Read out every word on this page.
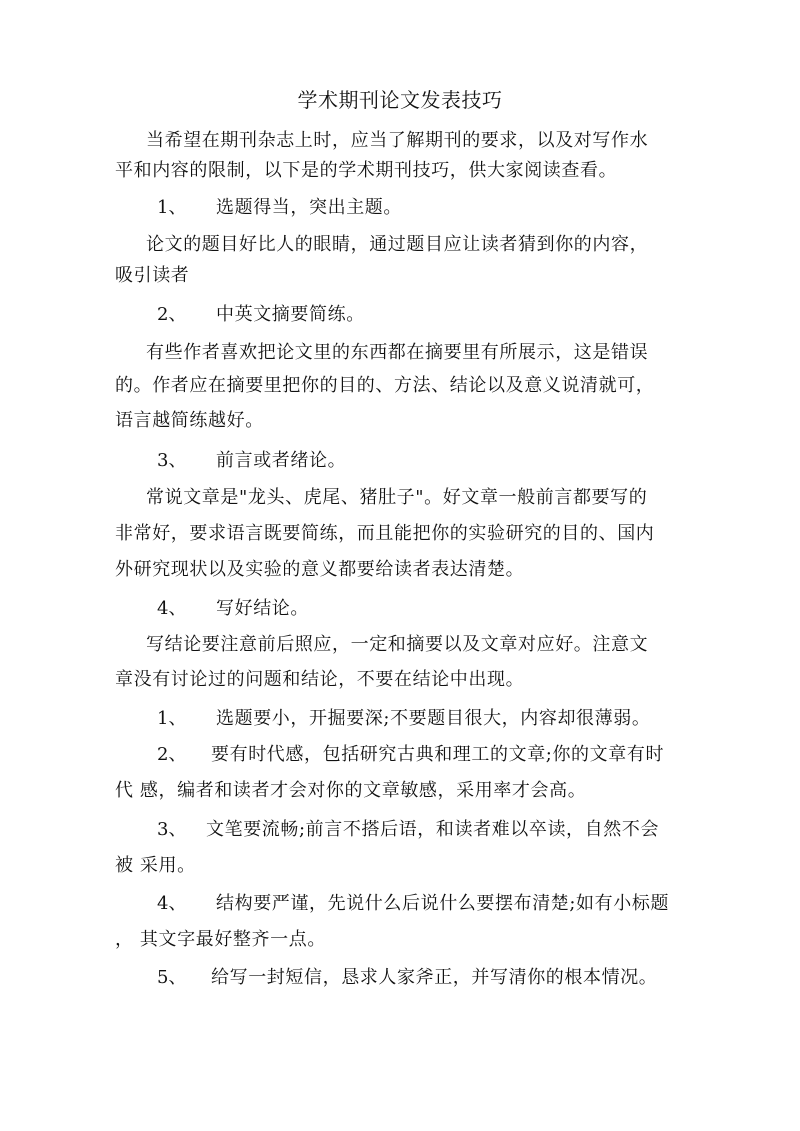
学术期刊论文发表技巧
当希望在期刊杂志上时，应当了解期刊的要求，以及对写作水
平和内容的限制，以下是的学术期刊技巧，供大家阅读查看。
1、 选题得当，突出主题。
论文的题目好比人的眼睛，通过题目应让读者猜到你的内容，
吸引读者
2、 中英文摘要简练。
有些作者喜欢把论文里的东西都在摘要里有所展示，这是错误
的。作者应在摘要里把你的目的、方法、结论以及意义说清就可，
语言越简练越好。
3、 前言或者绪论。
常说文章是"龙头、虎尾、猪肚子"。好文章一般前言都要写的
非常好，要求语言既要简练，而且能把你的实验研究的目的、国内
外研究现状以及实验的意义都要给读者表达清楚。
4、 写好结论。
写结论要注意前后照应，一定和摘要以及文章对应好。注意文
章没有讨论过的问题和结论，不要在结论中出现。
1、 选题要小，开掘要深;不要题目很大，内容却很薄弱。
2、 要有时代感，包括研究古典和理工的文章;你的文章有时
代 感，编者和读者才会对你的文章敏感，采用率才会高。
3、 文笔要流畅;前言不搭后语，和读者难以卒读，自然不会
被 采用。
4、 结构要严谨，先说什么后说什么要摆布清楚;如有小标题
， 其文字最好整齐一点。
5、 给写一封短信，恳求人家斧正，并写清你的根本情况。
